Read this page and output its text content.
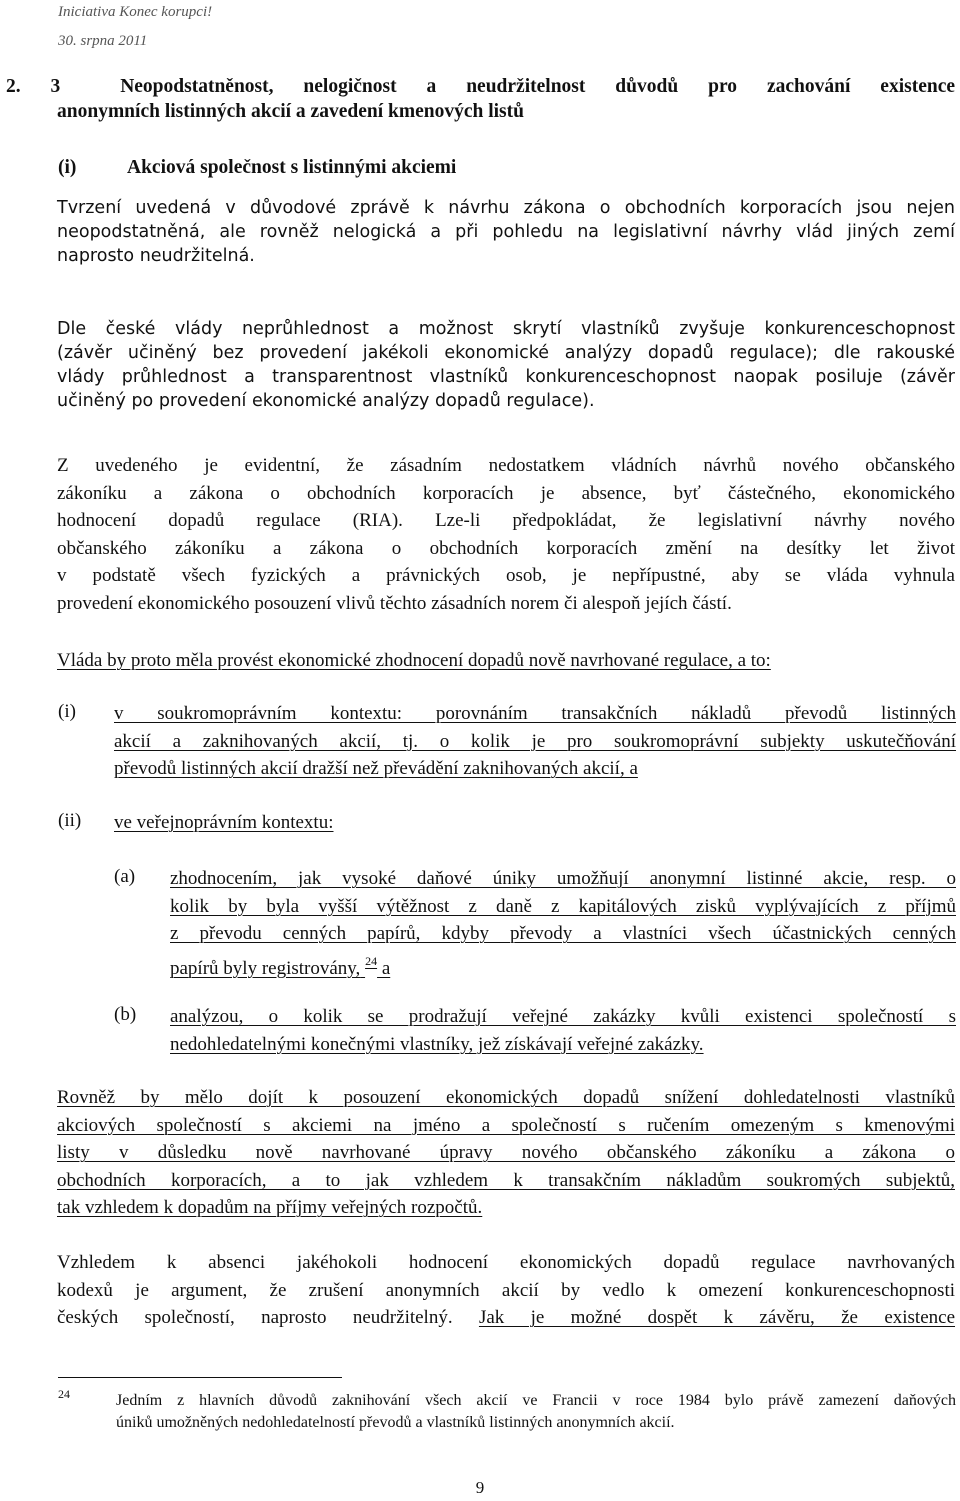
Iniciativa Konec korupci!
30. srpna 2011
2. 3	Neopodstatněnost, nelogičnost a neudržitelnost důvodů pro zachování existence
anonymních listinných akcií a zavedení kmenových listů
(i)	Akciová společnost s listinnými akciemi
Tvrzení uvedená v důvodové zprávě k návrhu zákona o obchodních korporacích jsou nejen
neopodstatněná, ale rovněž nelogická a při pohledu na legislativní návrhy vlád jiných zemí
naprosto neudržitelná.
Dle české vlády neprůhlednost a možnost skrytí vlastníků zvyšuje konkurenceschopnost
(závěr učiněný bez provedení jakékoli ekonomické analýzy dopadů regulace); dle rakouské
vlády průhlednost a transparentnost vlastníků konkurenceschopnost naopak posiluje (závěr
učiněný po provedení ekonomické analýzy dopadů regulace).
Z uvedeného je evidentní, že zásadním nedostatkem vládních návrhů nového občanského
zákoníku a zákona o obchodních korporacích je absence, byť částečného, ekonomického
hodnocení dopadů regulace (RIA). Lze-li předpokládat, že legislativní návrhy nového
občanského zákoníku a zákona o obchodních korporacích změní na desítky let život
v podstatě všech fyzických a právnických osob, je nepřípustné, aby se vláda vyhnula
provedení ekonomického posouzení vlivů těchto zásadních norem či alespoň jejích částí.
Vláda by proto měla provést ekonomické zhodnocení dopadů nově navrhované regulace, a to:
(i) v soukromoprávním kontextu: porovnáním transakčních nákladů převodů listinných
akcií a zaknihovaných akcií, tj. o kolik je pro soukromoprávní subjekty uskutečňování
převodů listinných akcií dražší než převádění zaknihovaných akcií, a
(ii) ve veřejnoprávním kontextu:
(a) zhodnocením, jak vysoké daňové úniky umožňují anonymní listinné akcie, resp. o
kolik by byla vyšší výtěžnost z daně z kapitálových zisků vyplývajících z příjmů
z převodu cenných papírů, kdyby převody a vlastníci všech účastnických cenných
papírů byly registrovány, $^{24}$ a
(b) analýzou, o kolik se prodražují veřejné zakázky kvůli existenci společností s
nedohledatelnými konečnými vlastníky, jež získávají veřejné zakázky.
Rovněž by mělo dojít k posouzení ekonomických dopadů snížení dohledatelnosti vlastníků
akciových společností s akciemi na jméno a společností s ručením omezeným s kmenovými
listy v důsledku nově navrhované úpravy nového občanského zákoníku a zákona o
obchodních korporacích, a to jak vzhledem k transakčním nákladům soukromých subjektů,
tak vzhledem k dopadům na příjmy veřejných rozpočtů.
Vzhledem k absenci jakéhokoli hodnocení ekonomických dopadů regulace navrhovaných
kodexů je argument, že zrušení anonymních akcií by vedlo k omezení konkurenceschopnosti
českých společností, naprosto neudržitelný. Jak je možné dospět k závěru, že existence
24	Jedním z hlavních důvodů zaknihování všech akcií ve Francii v roce 1984 bylo právě zamezení daňových
úniků umožněných nedohledatelností převodů a vlastníků listinných anonymních akcií.
9
